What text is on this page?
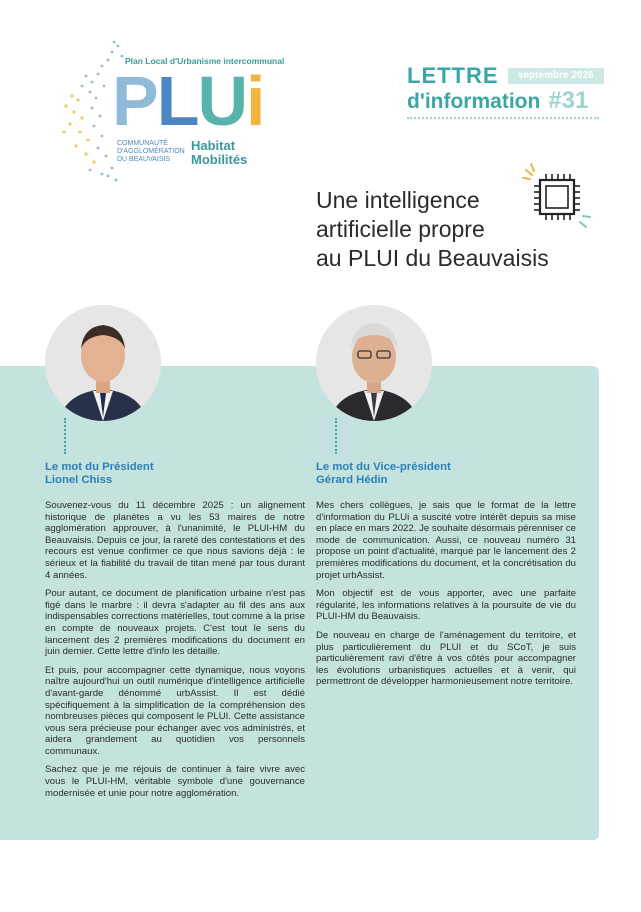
Plan Local d'Urbanisme intercommunal
PLUi
COMMUNAUTÉ D'AGGLOMÉRATION DU BEAUVAISIS
Habitat
Mobilités
LETTRE	septembre 2026
d'information #31
Une intelligence
artificielle propre
au PLUI du Beauvaisis
Le mot du Président
Lionel Chiss

Souvenez-vous du 11 décembre 2025 : un alignement historique de planètes a vu les 53 maires de notre agglomération approuver, à l'unanimité, le PLUI-HM du Beauvaisis. Depuis ce jour, la rareté des contestations et des recours est venue confirmer ce que nous savions déjà : le sérieux et la fiabilité du travail de titan mené par tous durant 4 années.

Pour autant, ce document de planification urbaine n'est pas figé dans le marbre : il devra s'adapter au fil des ans aux indispensables corrections matérielles, tout comme à la prise en compte de nouveaux projets. C'est tout le sens du lancement des 2 premières modifications du document en juin dernier. Cette lettre d'info les détaille.

Et puis, pour accompagner cette dynamique, nous voyons naître aujourd'hui un outil numérique d'intelligence artificielle d'avant-garde dénommé urbAssist. Il est dédié spécifiquement à la simplification de la compréhension des nombreuses pièces qui composent le PLUI. Cette assistance vous sera précieuse pour échanger avec vos administrés, et aidera grandement au quotidien vos personnels communaux.

Sachez que je me réjouis de continuer à faire vivre avec vous le PLUI-HM, véritable symbole d'une gouvernance modernisée et unie pour notre agglomération.

Le mot du Vice-président
Gérard Hédin

Mes chers collègues, je sais que le format de la lettre d'information du PLUi a suscité votre intérêt depuis sa mise en place en mars 2022. Je souhaite désormais pérenniser ce mode de communication. Aussi, ce nouveau numéro 31 propose un point d'actualité, marqué par le lancement des 2 premières modifications du document, et la concrétisation du projet urbAssist.

Mon objectif est de vous apporter, avec une parfaite régularité, les informations relatives à la poursuite de vie du PLUI-HM du Beauvaisis.

De nouveau en charge de l'aménagement du territoire, et plus particulièrement du PLUI et du SCoT, je suis particulièrement ravi d'être à vos côtés pour accompagner les évolutions urbanistiques actuelles et à venir, qui permettront de développer harmonieusement notre territoire.
